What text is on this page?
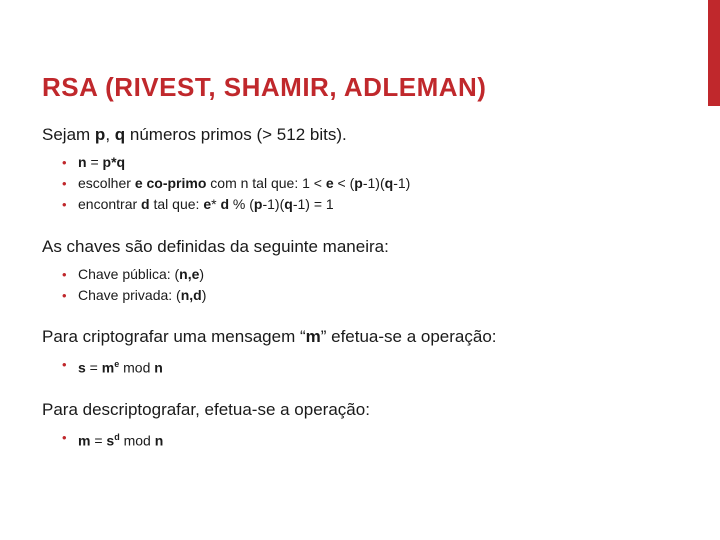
RSA (RIVEST, SHAMIR, ADLEMAN)

Sejam p, q números primos (> 512 bits).

• n = p*q
• escolher e co-primo com n tal que: 1 < e < (p-1)(q-1)
• encontrar d tal que: e* d % (p-1)(q-1) = 1

As chaves são definidas da seguinte maneira:

• Chave pública: (n,e)
• Chave privada: (n,d)

Para criptografar uma mensagem “m” efetua-se a operação:

• $s = m^e$ mod n

Para descriptografar, efetua-se a operação:

• $m = s^d$ mod n
